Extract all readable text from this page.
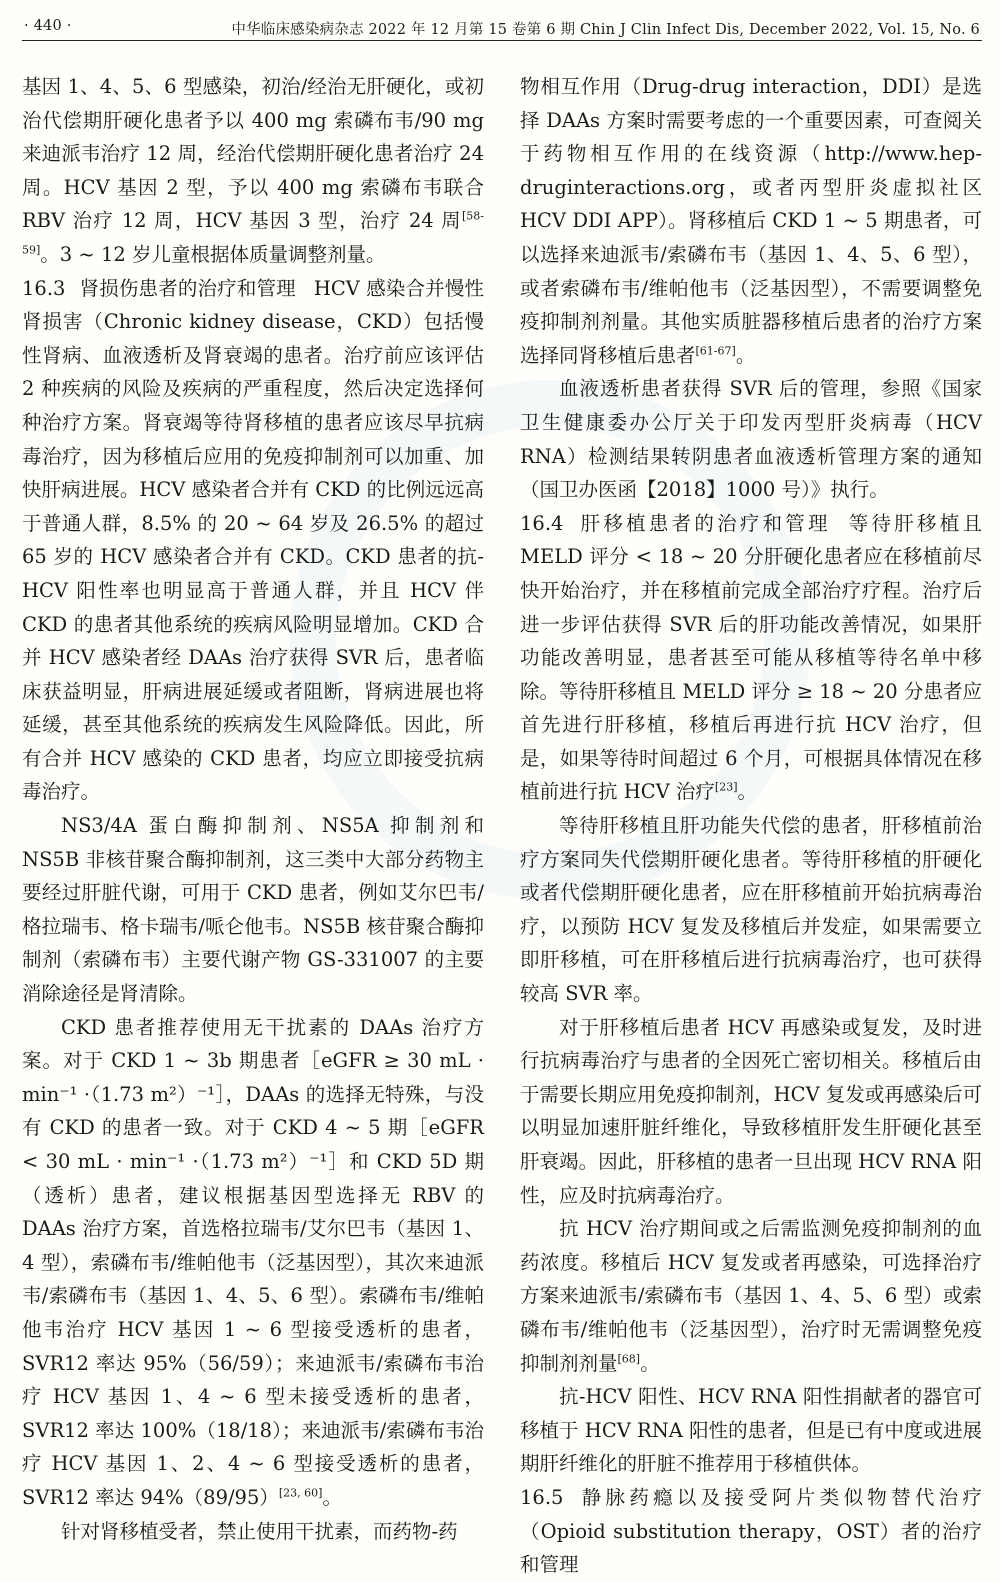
· 440 ·	中华临床感染病杂志 2022 年 12 月第 15 卷第 6 期 Chin J Clin Infect Dis, December 2022, Vol. 15, No. 6

基因 1、4、5、6 型感染，初治/经治无肝硬化，或初治代偿期肝硬化患者予以 400 mg 索磷布韦/90 mg 来迪派韦治疗 12 周，经治代偿期肝硬化患者治疗 24 周。HCV 基因 2 型，予以 400 mg 索磷布韦联合 RBV 治疗 12 周，HCV 基因 3 型，治疗 24 周[58-59]。3 ~ 12 岁儿童根据体质量调整剂量。

16.3 肾损伤患者的治疗和管理 HCV 感染合并慢性肾损害（Chronic kidney disease，CKD）包括慢性肾病、血液透析及肾衰竭的患者。治疗前应该评估 2 种疾病的风险及疾病的严重程度，然后决定选择何种治疗方案。肾衰竭等待肾移植的患者应该尽早抗病毒治疗，因为移植后应用的免疫抑制剂可以加重、加快肝病进展。HCV 感染者合并有 CKD 的比例远远高于普通人群，8.5% 的 20 ~ 64 岁及 26.5% 的超过 65 岁的 HCV 感染者合并有 CKD。CKD 患者的抗-HCV 阳性率也明显高于普通人群，并且 HCV 伴 CKD 的患者其他系统的疾病风险明显增加。CKD 合并 HCV 感染者经 DAAs 治疗获得 SVR 后，患者临床获益明显，肝病进展延缓或者阻断，肾病进展也将延缓，甚至其他系统的疾病发生风险降低。因此，所有合并 HCV 感染的 CKD 患者，均应立即接受抗病毒治疗。

NS3/4A 蛋白酶抑制剂、NS5A 抑制剂和 NS5B 非核苷聚合酶抑制剂，这三类中大部分药物主要经过肝脏代谢，可用于 CKD 患者，例如艾尔巴韦/格拉瑞韦、格卡瑞韦/哌仑他韦。NS5B 核苷聚合酶抑制剂（索磷布韦）主要代谢产物 GS-331007 的主要消除途径是肾清除。

CKD 患者推荐使用无干扰素的 DAAs 治疗方案。对于 CKD 1 ~ 3b 期患者［eGFR ≥ 30 mL · min⁻¹ ·（1.73 m²）⁻¹］，DAAs 的选择无特殊，与没有 CKD 的患者一致。对于 CKD 4 ~ 5 期［eGFR < 30 mL · min⁻¹ ·（1.73 m²）⁻¹］和 CKD 5D 期（透析）患者，建议根据基因型选择无 RBV 的 DAAs 治疗方案，首选格拉瑞韦/艾尔巴韦（基因 1、4 型），索磷布韦/维帕他韦（泛基因型），其次来迪派韦/索磷布韦（基因 1、4、5、6 型）。索磷布韦/维帕他韦治疗 HCV 基因 1 ~ 6 型接受透析的患者，SVR12 率达 95%（56/59）；来迪派韦/索磷布韦治疗 HCV 基因 1、4 ~ 6 型未接受透析的患者，SVR12 率达 100%（18/18）；来迪派韦/索磷布韦治疗 HCV 基因 1、2、4 ~ 6 型接受透析的患者，SVR12 率达 94%（89/95）[23, 60]。

针对肾移植受者，禁止使用干扰素，而药物-药

物相互作用（Drug-drug interaction，DDI）是选择 DAAs 方案时需要考虑的一个重要因素，可查阅关于药物相互作用的在线资源（http://www.hep-druginteractions.org，或者丙型肝炎虚拟社区 HCV DDI APP）。肾移植后 CKD 1 ~ 5 期患者，可以选择来迪派韦/索磷布韦（基因 1、4、5、6 型），或者索磷布韦/维帕他韦（泛基因型），不需要调整免疫抑制剂剂量。其他实质脏器移植后患者的治疗方案选择同肾移植后患者[61-67]。

血液透析患者获得 SVR 后的管理，参照《国家卫生健康委办公厅关于印发丙型肝炎病毒（HCV RNA）检测结果转阴患者血液透析管理方案的通知（国卫办医函【2018】1000 号）》执行。

16.4 肝移植患者的治疗和管理 等待肝移植且 MELD 评分 < 18 ~ 20 分肝硬化患者应在移植前尽快开始治疗，并在移植前完成全部治疗疗程。治疗后进一步评估获得 SVR 后的肝功能改善情况，如果肝功能改善明显，患者甚至可能从移植等待名单中移除。等待肝移植且 MELD 评分 ≥ 18 ~ 20 分患者应首先进行肝移植，移植后再进行抗 HCV 治疗，但是，如果等待时间超过 6 个月，可根据具体情况在移植前进行抗 HCV 治疗[23]。

等待肝移植且肝功能失代偿的患者，肝移植前治疗方案同失代偿期肝硬化患者。等待肝移植的肝硬化或者代偿期肝硬化患者，应在肝移植前开始抗病毒治疗，以预防 HCV 复发及移植后并发症，如果需要立即肝移植，可在肝移植后进行抗病毒治疗，也可获得较高 SVR 率。

对于肝移植后患者 HCV 再感染或复发，及时进行抗病毒治疗与患者的全因死亡密切相关。移植后由于需要长期应用免疫抑制剂，HCV 复发或再感染后可以明显加速肝脏纤维化，导致移植肝发生肝硬化甚至肝衰竭。因此，肝移植的患者一旦出现 HCV RNA 阳性，应及时抗病毒治疗。

抗 HCV 治疗期间或之后需监测免疫抑制剂的血药浓度。移植后 HCV 复发或者再感染，可选择治疗方案来迪派韦/索磷布韦（基因 1、4、5、6 型）或索磷布韦/维帕他韦（泛基因型），治疗时无需调整免疫抑制剂剂量[68]。

抗-HCV 阳性、HCV RNA 阳性捐献者的器官可移植于 HCV RNA 阳性的患者，但是已有中度或进展期肝纤维化的肝脏不推荐用于移植供体。

16.5 静脉药瘾以及接受阿片类似物替代治疗（Opioid substitution therapy，OST）者的治疗和管理
